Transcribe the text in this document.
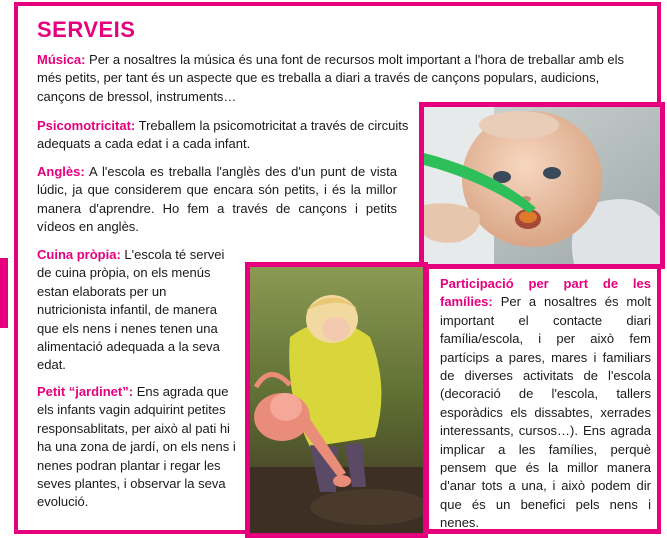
SERVEIS

Música: Per a nosaltres la música és una font de recursos molt important a l'hora de treballar amb els més petits, per tant és un aspecte que es treballa a diari a través de cançons populars, audicions, cançons de bressol, instruments…

Psicomotricitat: Treballem la psicomotricitat a través de circuits adequats a cada edat i a cada infant.

Anglès: A l'escola es treballa l'anglès des d'un punt de vista lúdic, ja que considerem que encara són petits, i és la millor manera d'aprendre. Ho fem a través de cançons i petits vídeos en anglès.

Cuina pròpia: L'escola té servei de cuina pròpia, on els menús estan elaborats per un nutricionista infantil, de manera que els nens i nenes tenen una alimentació adequada a la seva edat.

Petit “jardinet”: Ens agrada que els infants vagin adquirint petites responsablitats, per això al pati hi ha una zona de jardí, on els nens i nenes podran plantar i regar les seves plantes, i observar la seva evolució.

Participació per part de les famílies: Per a nosaltres és molt important el contacte diari família/escola, i per això fem partícips a pares, mares i familiars de diverses activitats de l'escola (decoració de l'escola, tallers esporàdics els dissabtes, xerrades interessants, cursos…). Ens agrada implicar a les famílies, perquè pensem que és la millor manera d'anar tots a una, i això podem dir que és un benefici pels nens i nenes.
